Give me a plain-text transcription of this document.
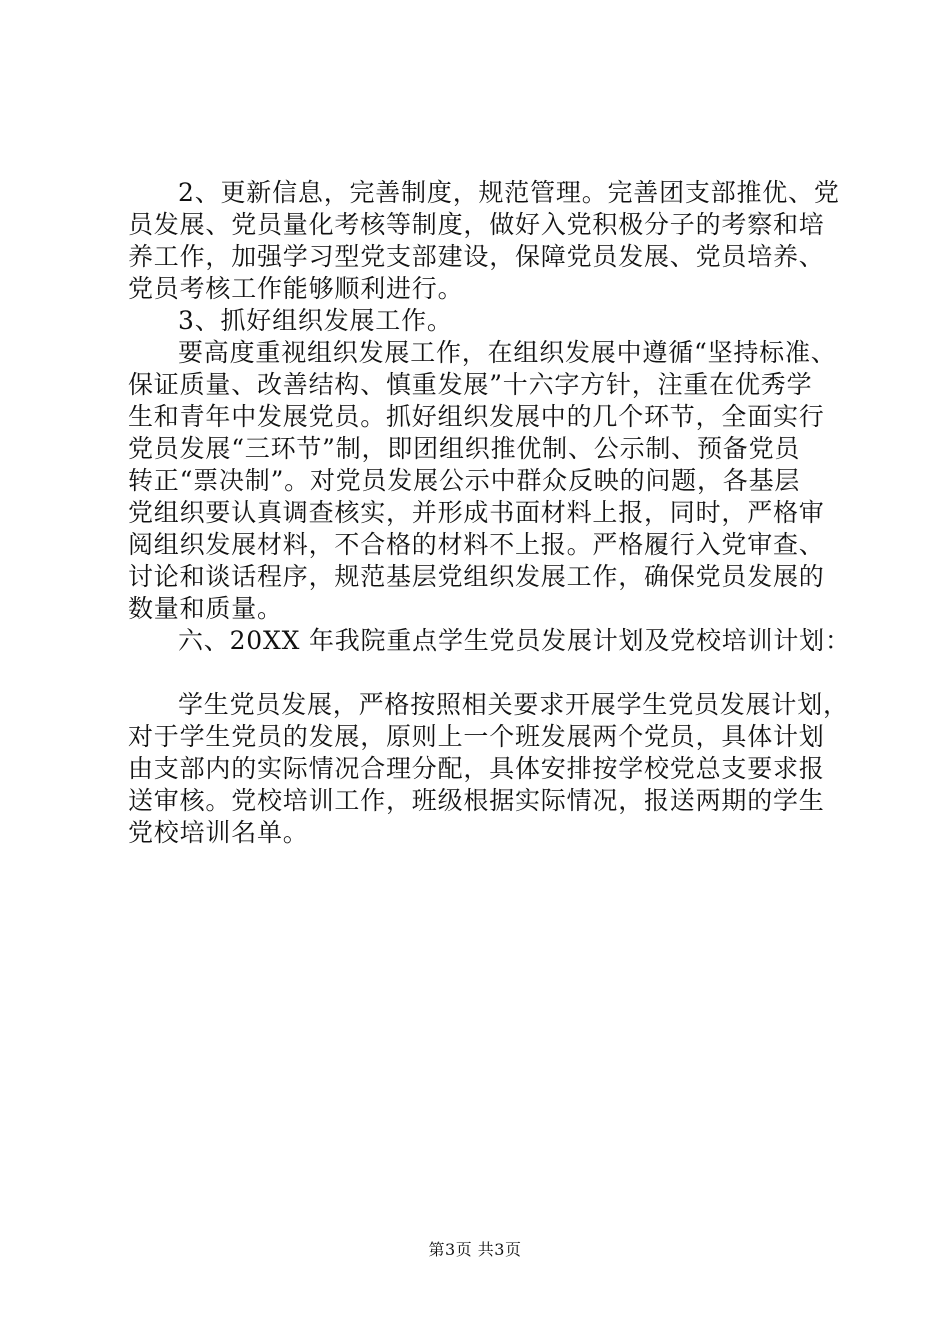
2、更新信息，完善制度，规范管理。完善团支部推优、党
员发展、党员量化考核等制度，做好入党积极分子的考察和培
养工作，加强学习型党支部建设，保障党员发展、党员培养、
党员考核工作能够顺利进行。
3、抓好组织发展工作。
要高度重视组织发展工作，在组织发展中遵循“坚持标准、
保证质量、改善结构、慎重发展”十六字方针，注重在优秀学
生和青年中发展党员。抓好组织发展中的几个环节，全面实行
党员发展“三环节”制，即团组织推优制、公示制、预备党员
转正“票决制”。对党员发展公示中群众反映的问题，各基层
党组织要认真调查核实，并形成书面材料上报，同时，严格审
阅组织发展材料，不合格的材料不上报。严格履行入党审查、
讨论和谈话程序，规范基层党组织发展工作，确保党员发展的
数量和质量。
六、20XX 年我院重点学生党员发展计划及党校培训计划：
学生党员发展，严格按照相关要求开展学生党员发展计划，
对于学生党员的发展，原则上一个班发展两个党员，具体计划
由支部内的实际情况合理分配，具体安排按学校党总支要求报
送审核。党校培训工作，班级根据实际情况，报送两期的学生
党校培训名单。
第3页 共3页
